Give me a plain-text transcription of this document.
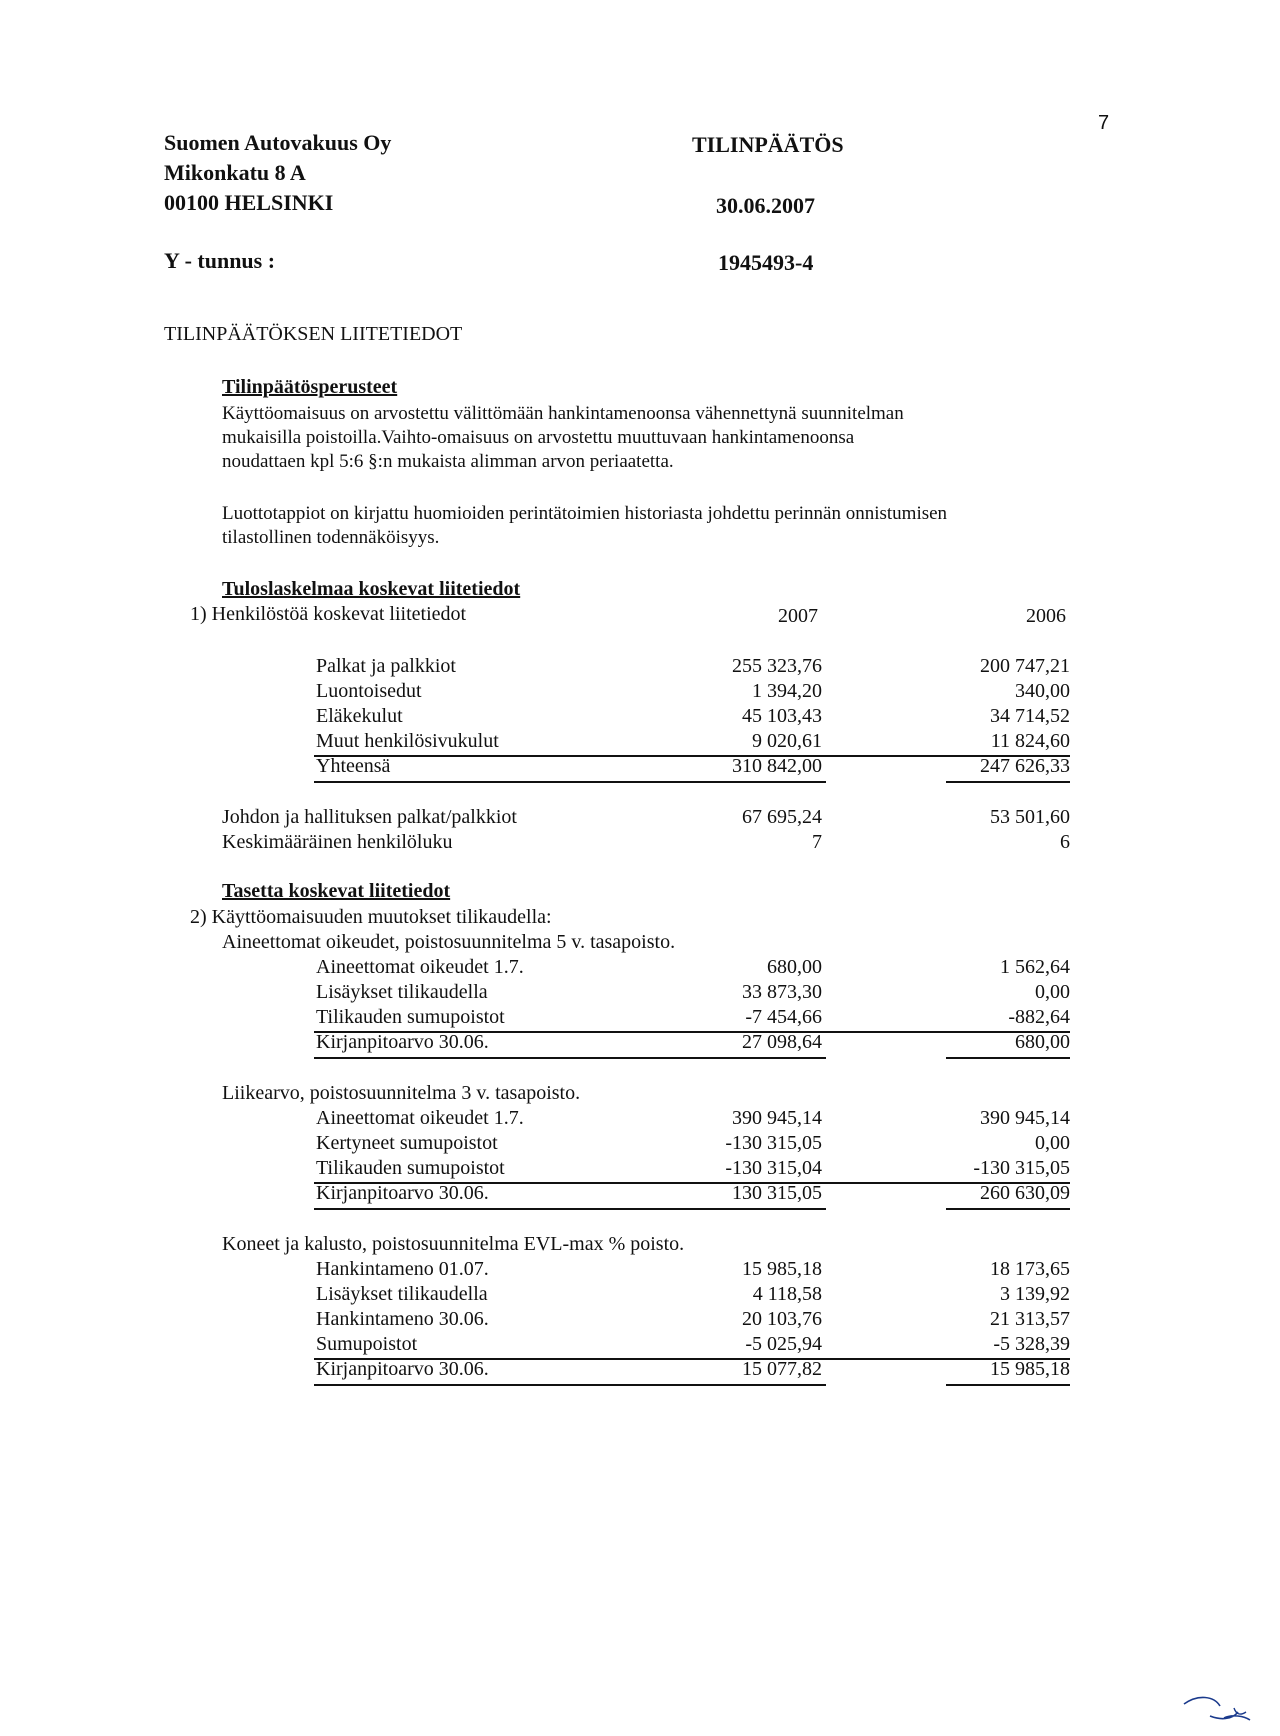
7
Suomen Autovakuus Oy
Mikonkatu 8 A
00100 HELSINKI
Y - tunnus :
TILINPÄÄTÖS
30.06.2007
1945493-4
TILINPÄÄTÖKSEN LIITETIEDOT
Tilinpäätösperusteet
Käyttöomaisuus on arvostettu välittömään hankintamenoonsa vähennettynä suunnitelman
mukaisilla poistoilla.Vaihto-omaisuus on arvostettu muuttuvaan hankintamenoonsa
noudattaen kpl 5:6 §:n mukaista alimman arvon periaatetta.
Luottotappiot on kirjattu huomioiden perintätoimien historiasta johdettu perinnän onnistumisen
tilastollinen todennäköisyys.
Tuloslaskelmaa koskevat liitetiedot
1) Henkilöstöä koskevat liitetiedot	2007	2006
Palkat ja palkkiot	255 323,76	200 747,21
Luontoisedut	1 394,20	340,00
Eläkekulut	45 103,43	34 714,52
Muut henkilösivukulut	9 020,61	11 824,60
Yhteensä	310 842,00	247 626,33
Johdon ja hallituksen palkat/palkkiot	67 695,24	53 501,60
Keskimääräinen henkilöluku	7	6
Tasetta koskevat liitetiedot
2) Käyttöomaisuuden muutokset tilikaudella:
Aineettomat oikeudet, poistosuunnitelma 5 v. tasapoisto.
Aineettomat oikeudet 1.7.	680,00	1 562,64
Lisäykset tilikaudella	33 873,30	0,00
Tilikauden sumupoistot	-7 454,66	-882,64
Kirjanpitoarvo 30.06.	27 098,64	680,00
Liikearvo, poistosuunnitelma 3 v. tasapoisto.
Aineettomat oikeudet 1.7.	390 945,14	390 945,14
Kertyneet sumupoistot	-130 315,05	0,00
Tilikauden sumupoistot	-130 315,04	-130 315,05
Kirjanpitoarvo 30.06.	130 315,05	260 630,09
Koneet ja kalusto, poistosuunnitelma EVL-max % poisto.
Hankintameno 01.07.	15 985,18	18 173,65
Lisäykset tilikaudella	4 118,58	3 139,92
Hankintameno 30.06.	20 103,76	21 313,57
Sumupoistot	-5 025,94	-5 328,39
Kirjanpitoarvo 30.06.	15 077,82	15 985,18
